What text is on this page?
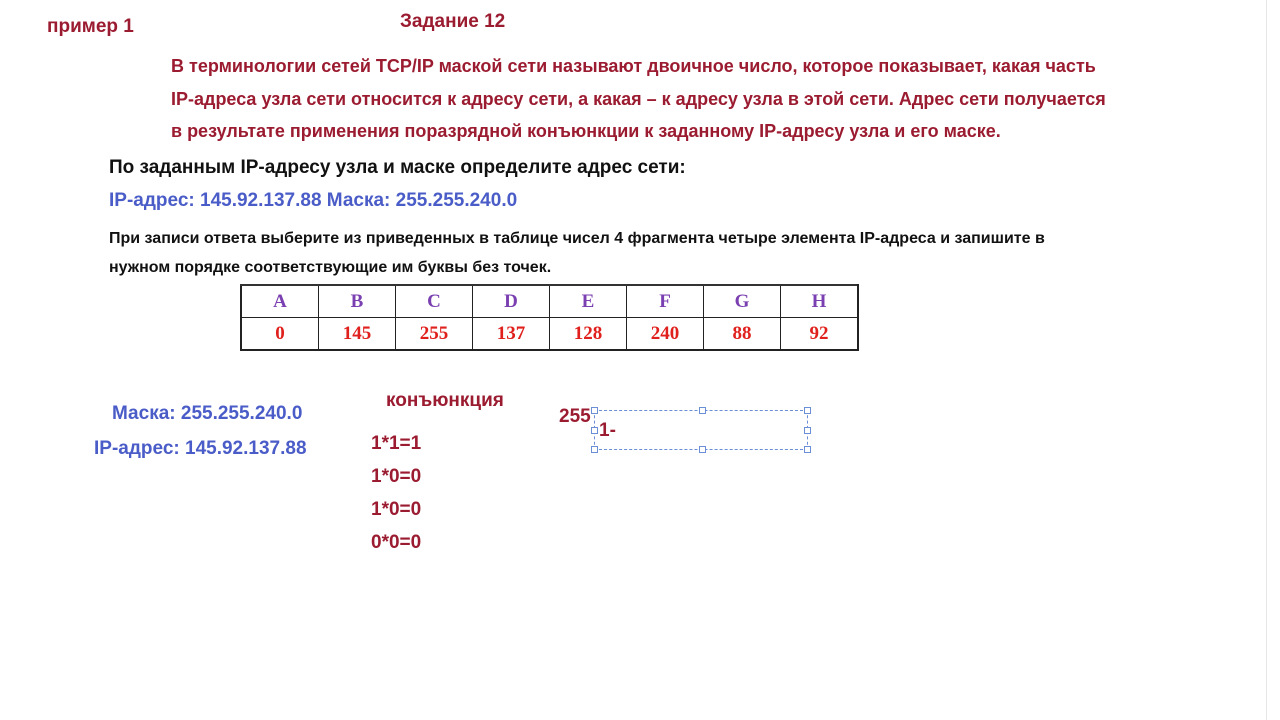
пример 1	Задание 12
В терминологии сетей TCP/IP маской сети называют двоичное число, которое показывает, какая часть
IP-адреса узла сети относится к адресу сети, а какая – к адресу узла в этой сети. Адрес сети получается
в результате применения поразрядной конъюнкции к заданному IP-адресу узла и его маске.
По заданным IP-адресу узла и маске определите адрес сети:
IP-адрес: 145.92.137.88 Маска: 255.255.240.0
При записи ответа выберите из приведенных в таблице чисел 4 фрагмента четыре элемента IP-адреса и запишите в
нужном порядке соответствующие им буквы без точек.
A	B	C	D	E	F	G	H
0	145	255	137	128	240	88	92
Маска: 255.255.240.0
IP-адрес: 145.92.137.88
конъюнкция
1*1=1
1*0=0
1*0=0
0*0=0
255
1-
